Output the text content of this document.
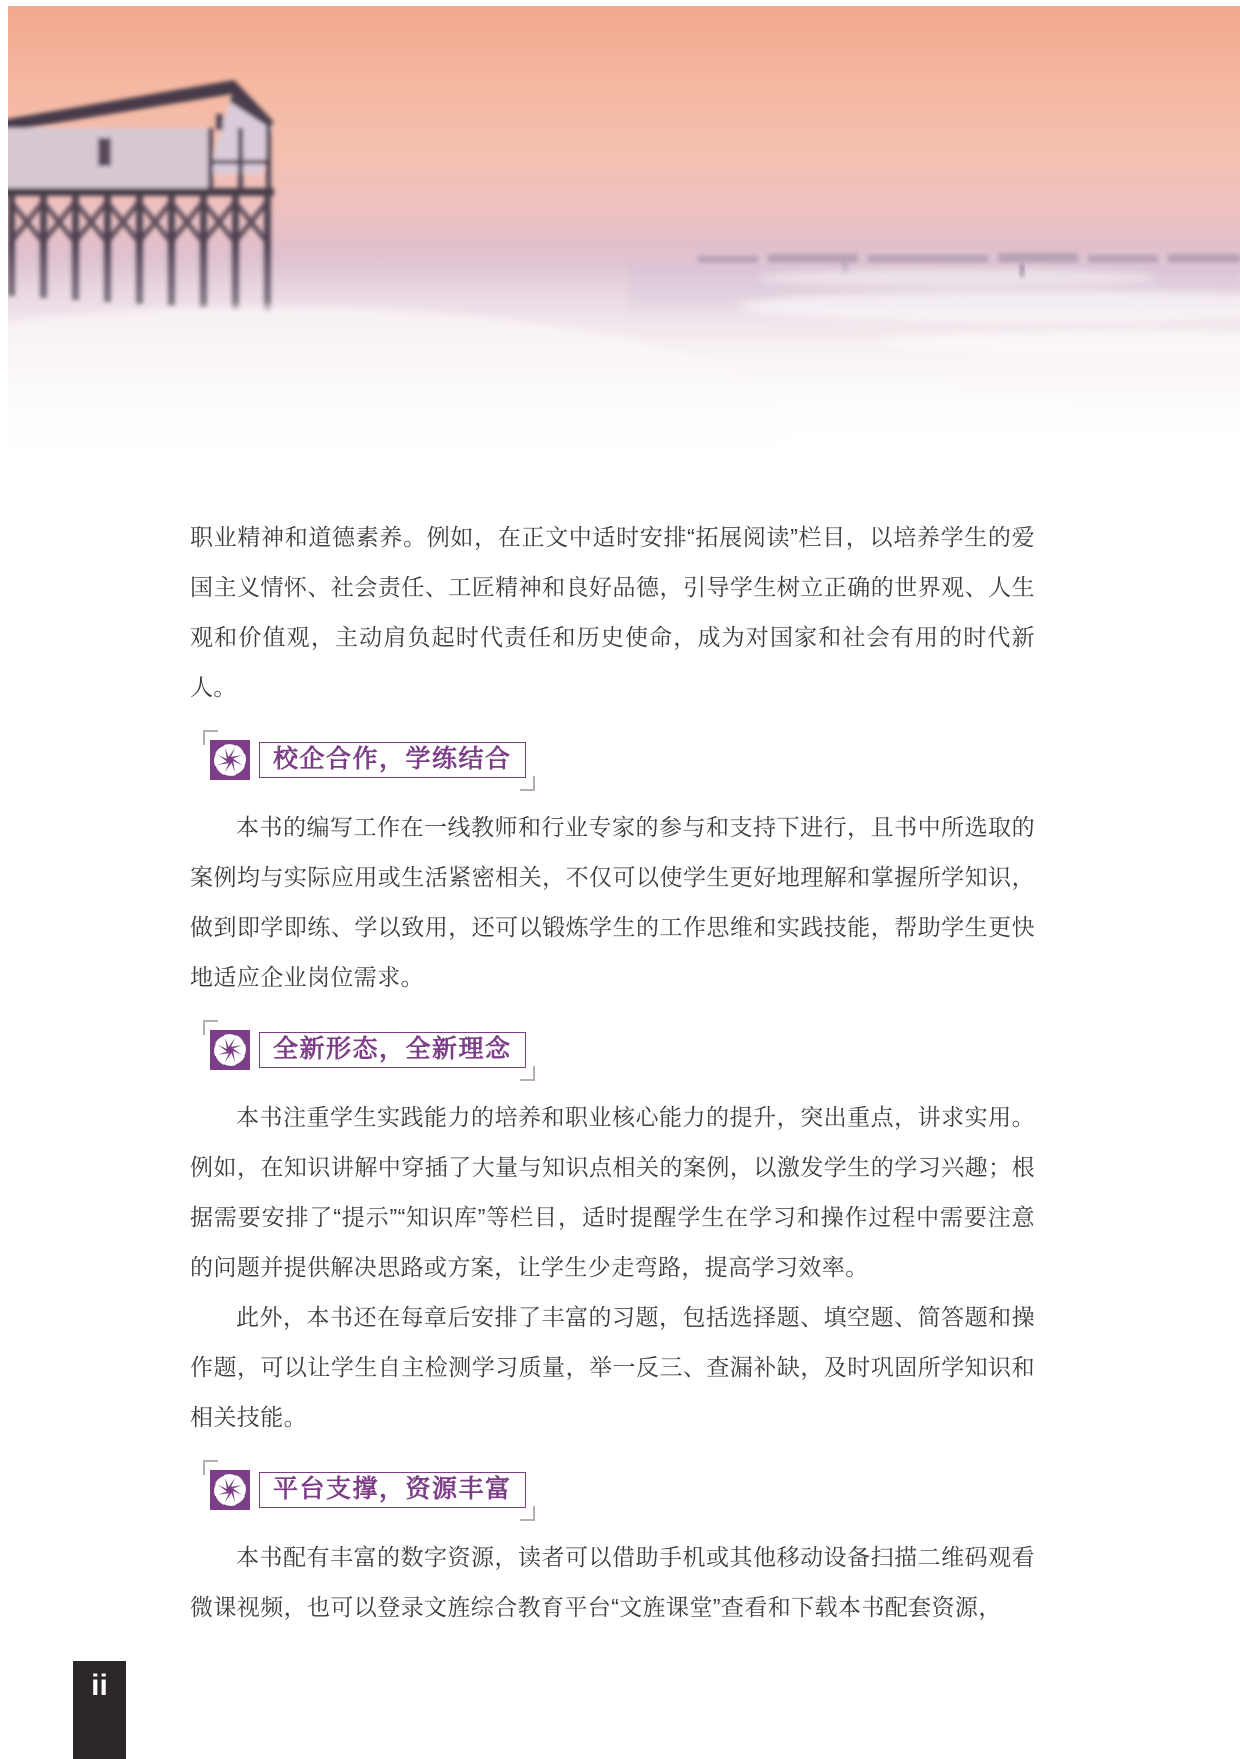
职业精神和道德素养。例如，在正文中适时安排“拓展阅读”栏目，以培养学生的爱国主义情怀、社会责任、工匠精神和良好品德，引导学生树立正确的世界观、人生观和价值观，主动肩负起时代责任和历史使命，成为对国家和社会有用的时代新人。

校企合作，学练结合

本书的编写工作在一线教师和行业专家的参与和支持下进行，且书中所选取的案例均与实际应用或生活紧密相关，不仅可以使学生更好地理解和掌握所学知识，做到即学即练、学以致用，还可以锻炼学生的工作思维和实践技能，帮助学生更快地适应企业岗位需求。

全新形态，全新理念

本书注重学生实践能力的培养和职业核心能力的提升，突出重点，讲求实用。例如，在知识讲解中穿插了大量与知识点相关的案例，以激发学生的学习兴趣；根据需要安排了“提示”“知识库”等栏目，适时提醒学生在学习和操作过程中需要注意的问题并提供解决思路或方案，让学生少走弯路，提高学习效率。

此外，本书还在每章后安排了丰富的习题，包括选择题、填空题、简答题和操作题，可以让学生自主检测学习质量，举一反三、查漏补缺，及时巩固所学知识和相关技能。

平台支撑，资源丰富

本书配有丰富的数字资源，读者可以借助手机或其他移动设备扫描二维码观看微课视频，也可以登录文旌综合教育平台“文旌课堂”查看和下载本书配套资源，

ii
